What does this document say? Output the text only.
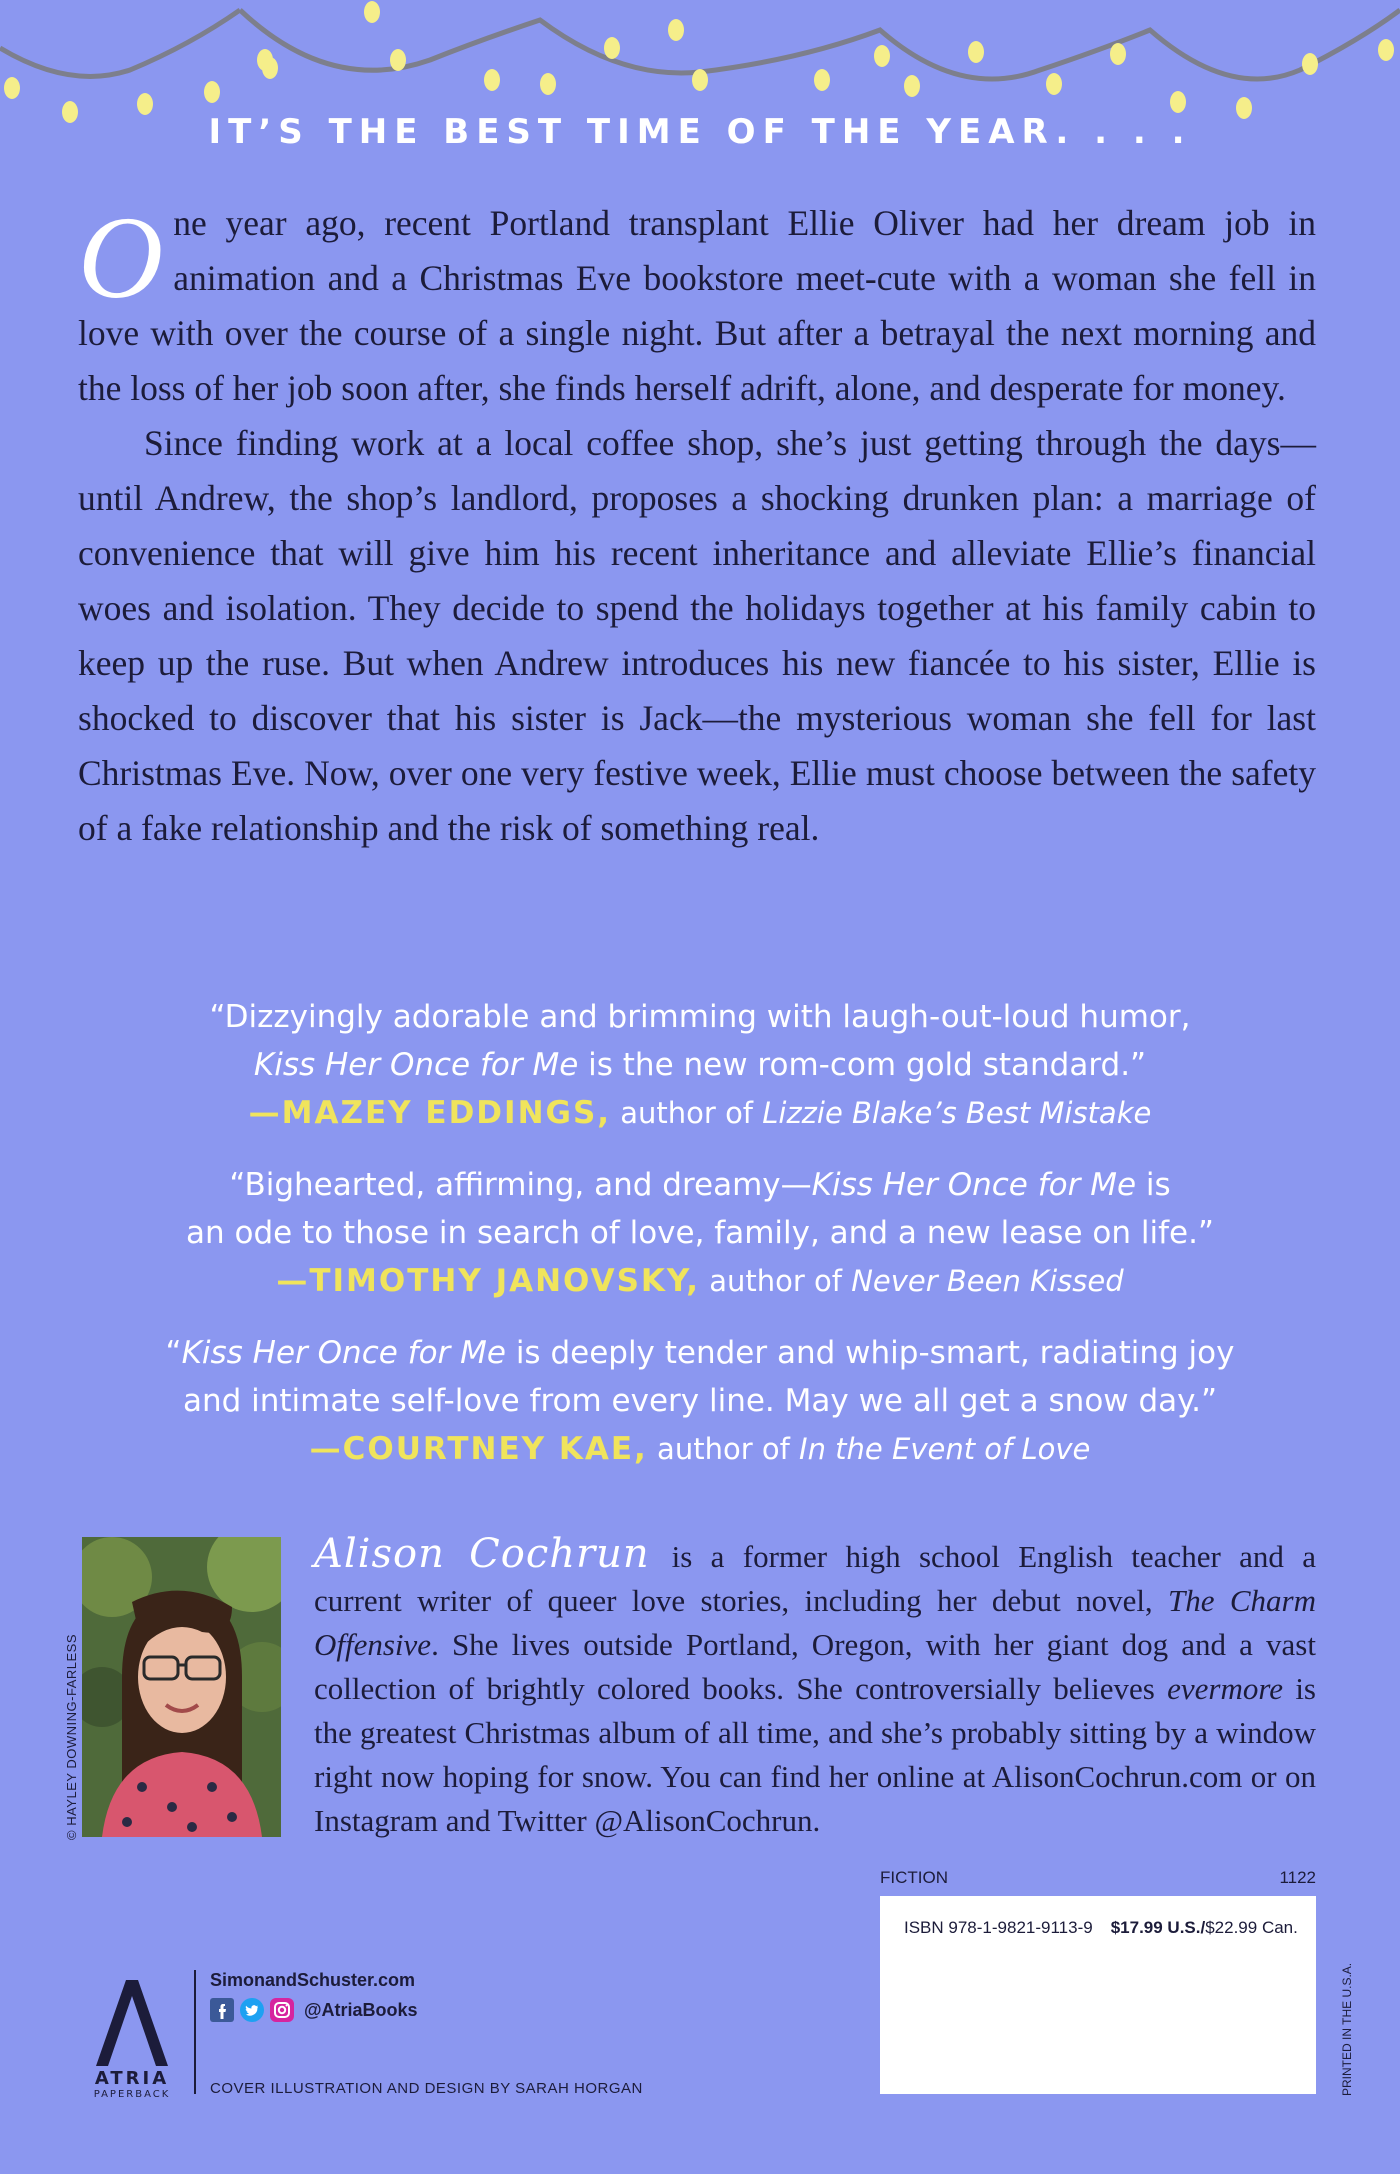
IT’S THE BEST TIME OF THE YEAR. . . .

One year ago, recent Portland transplant Ellie Oliver had her dream job in animation and a Christmas Eve bookstore meet-cute with a woman she fell in love with over the course of a single night. But after a betrayal the next morning and the loss of her job soon after, she finds herself adrift, alone, and desperate for money.

Since finding work at a local coffee shop, she’s just getting through the days—until Andrew, the shop’s landlord, proposes a shocking drunken plan: a marriage of convenience that will give him his recent inheritance and alleviate Ellie’s financial woes and isolation. They decide to spend the holidays together at his family cabin to keep up the ruse. But when Andrew introduces his new fiancée to his sister, Ellie is shocked to discover that his sister is Jack—the mysterious woman she fell for last Christmas Eve. Now, over one very festive week, Ellie must choose between the safety of a fake relationship and the risk of something real.

“Dizzyingly adorable and brimming with laugh-out-loud humor,
Kiss Her Once for Me is the new rom-com gold standard.”
—MAZEY EDDINGS, author of Lizzie Blake’s Best Mistake
“Bighearted, affirming, and dreamy—Kiss Her Once for Me is
an ode to those in search of love, family, and a new lease on life.”
—TIMOTHY JANOVSKY, author of Never Been Kissed
“Kiss Her Once for Me is deeply tender and whip-smart, radiating joy
and intimate self-love from every line. May we all get a snow day.”
—COURTNEY KAE, author of In the Event of Love
© HAYLEY DOWNING-FARLESS
Alison Cochrun is a former high school English teacher and a current writer of queer love stories, including her debut novel, The Charm Offensive. She lives outside Portland, Oregon, with her giant dog and a vast collection of brightly colored books. She controversially believes evermore is the greatest Christmas album of all time, and she’s probably sitting by a window right now hoping for snow. You can find her online at AlisonCochrun.com or on Instagram and Twitter @AlisonCochrun.
FICTION	1122
ISBN 978-1-9821-9113-9 $17.99 U.S./$22.99 Can.
PRINTED IN THE U.S.A.
ATRIA
PAPERBACK
SimonandSchuster.com
@AtriaBooks
COVER ILLUSTRATION AND DESIGN BY SARAH HORGAN
